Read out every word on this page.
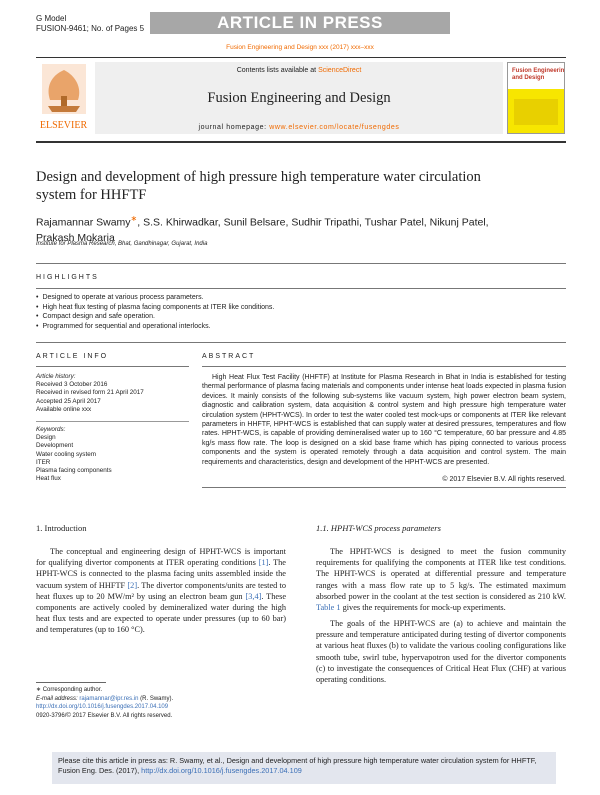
G Model
FUSION-9461; No. of Pages 5	ARTICLE IN PRESS
Fusion Engineering and Design xxx (2017) xxx–xxx
ELSEVIER
Contents lists available at ScienceDirect
Fusion Engineering and Design
journal homepage: www.elsevier.com/locate/fusengdes
Fusion Engineering and Design
Design and development of high pressure high temperature water circulation system for HHFTF
Rajamannar Swamy∗, S.S. Khirwadkar, Sunil Belsare, Sudhir Tripathi, Tushar Patel, Nikunj Patel, Prakash Mokaria
Institute for Plasma Research, Bhat, Gandhinagar, Gujarat, India
HIGHLIGHTS
• Designed to operate at various process parameters.
• High heat flux testing of plasma facing components at ITER like conditions.
• Compact design and safe operation.
• Programmed for sequential and operational interlocks.
ARTICLE INFO	ABSTRACT
Article history:
Received 3 October 2016
Received in revised form 21 April 2017
Accepted 25 April 2017
Available online xxx
Keywords:
Design
Development
Water cooling system
ITER
Plasma facing components
Heat flux
High Heat Flux Test Facility (HHFTF) at Institute for Plasma Research in Bhat in India is established for testing thermal performance of plasma facing materials and components under intense heat loads expected in plasma fusion devices. It mainly consists of the following sub-systems like vacuum system, high power electron beam system, diagnostic and calibration system, data acquisition & control system and high pressure high temperature water circulation system (HPHT-WCS). In order to test the water cooled test mock-ups or components at ITER like relevant parameters in HHFTF, HPHT-WCS is established that can supply water at desired pressures, temperatures and flow rates. HPHT-WCS, is capable of providing demineralised water up to 160 °C temperature, 60 bar pressure and 4.85 kg/s mass flow rate. The loop is designed on a skid base frame which has piping connected to various process components and the system is operated remotely through a data acquisition and control system. The main requirements and characteristics, design and development of the HPHT-WCS are presented.
© 2017 Elsevier B.V. All rights reserved.
1. Introduction	1.1. HPHT-WCS process parameters
The conceptual and engineering design of HPHT-WCS is important for qualifying divertor components at ITER operating conditions [1]. The HPHT-WCS is connected to the plasma facing units assembled inside the vacuum system of HHFTF [2]. The divertor components/units are tested to heat fluxes up to 20 MW/m² by using an electron beam gun [3,4]. These components are actively cooled by demineralized water during the high heat flux tests and are expected to operate under pressures (up to 60 bar) and temperatures (up to 160 °C).
The HPHT-WCS is designed to meet the fusion community requirements for qualifying the components at ITER like test conditions. The HPHT-WCS is operated at differential pressure and temperature ranges with a mass flow rate up to 5 kg/s. The estimated maximum absorbed power in the coolant at the test section is considered as 210 kW. Table 1 gives the requirements for mock-up experiments.
The goals of the HPHT-WCS are (a) to achieve and maintain the pressure and temperature anticipated during testing of divertor components at various heat fluxes (b) to validate the various cooling configurations like smooth tube, swirl tube, hypervapotron used for the divertor components (c) to investigate the consequences of Critical Heat Flux (CHF) at various operating conditions.
∗ Corresponding author.
E-mail address: rajamannar@ipr.res.in (R. Swamy).
http://dx.doi.org/10.1016/j.fusengdes.2017.04.109
0920-3796/© 2017 Elsevier B.V. All rights reserved.
Please cite this article in press as: R. Swamy, et al., Design and development of high pressure high temperature water circulation system for HHFTF, Fusion Eng. Des. (2017), http://dx.doi.org/10.1016/j.fusengdes.2017.04.109
